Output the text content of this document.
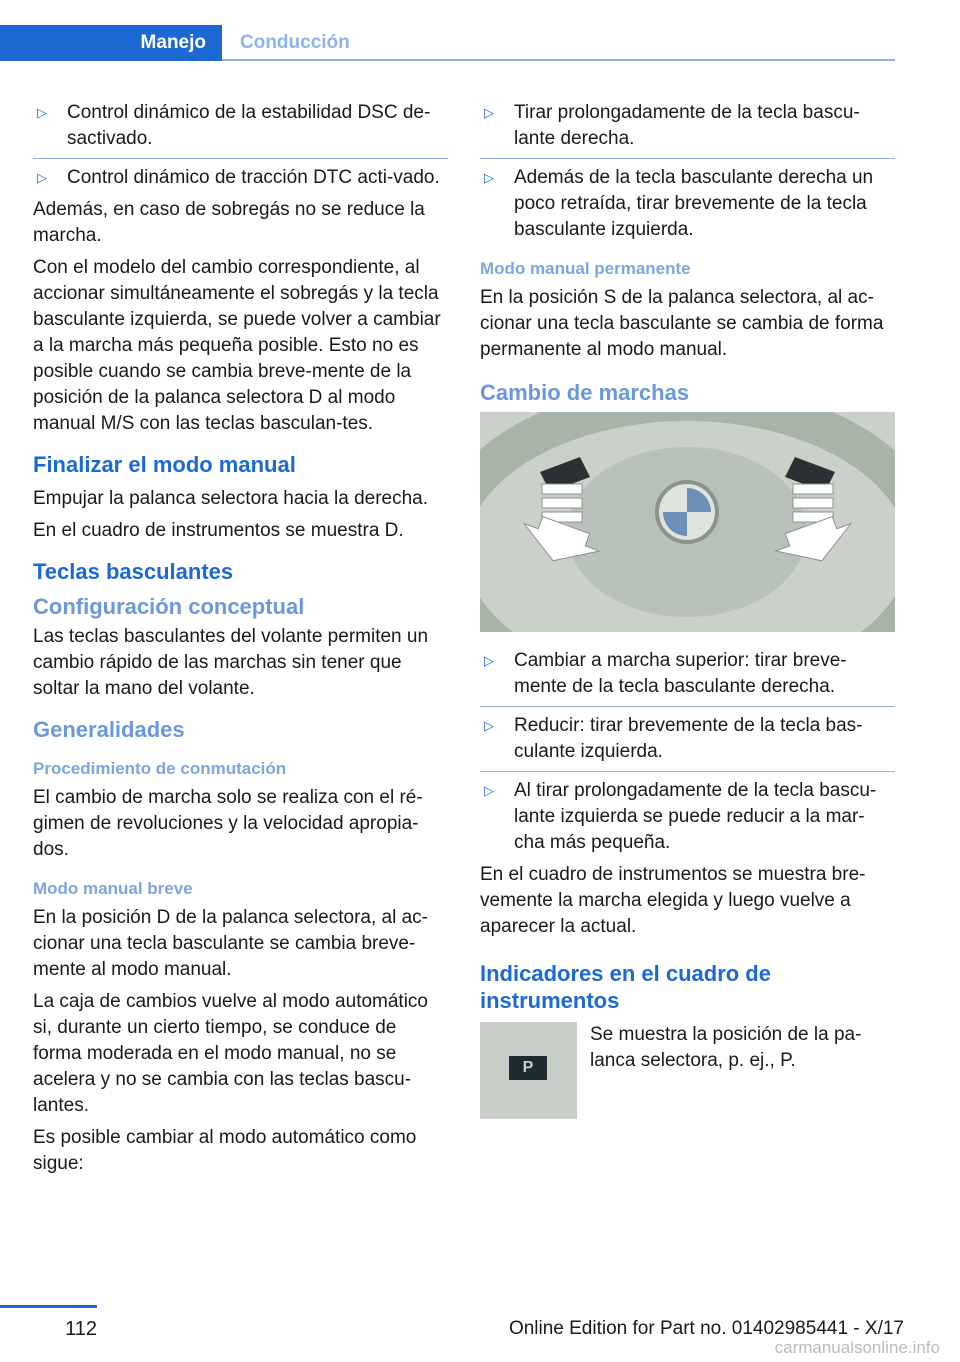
Manejo Conducción
▷	Control dinámico de la estabilidad DSC de-sactivado.
▷	Control dinámico de tracción DTC acti-vado.

Además, en caso de sobregás no se reduce la marcha.

Con el modelo del cambio correspondiente, al accionar simultáneamente el sobregás y la tecla basculante izquierda, se puede volver a cambiar a la marcha más pequeña posible. Esto no es posible cuando se cambia breve-mente de la posición de la palanca selectora D al modo manual M/S con las teclas basculan-tes.

Finalizar el modo manual

Empujar la palanca selectora hacia la derecha.

En el cuadro de instrumentos se muestra D.

Teclas basculantes
Configuración conceptual

Las teclas basculantes del volante permiten un cambio rápido de las marchas sin tener que soltar la mano del volante.

Generalidades
Procedimiento de conmutación

El cambio de marcha solo se realiza con el ré-gimen de revoluciones y la velocidad apropia-dos.

Modo manual breve

En la posición D de la palanca selectora, al ac-cionar una tecla basculante se cambia breve-mente al modo manual.

La caja de cambios vuelve al modo automático si, durante un cierto tiempo, se conduce de forma moderada en el modo manual, no se acelera y no se cambia con las teclas bascu-lantes.

Es posible cambiar al modo automático como sigue:

▷	Tirar prolongadamente de la tecla bascu-lante derecha.
▷	Además de la tecla basculante derecha un poco retraída, tirar brevemente de la tecla basculante izquierda.
Modo manual permanente

En la posición S de la palanca selectora, al ac-cionar una tecla basculante se cambia de forma permanente al modo manual.

Cambio de marchas
▷	Cambiar a marcha superior: tirar breve-mente de la tecla basculante derecha.
▷	Reducir: tirar brevemente de la tecla bas-culante izquierda.
▷	Al tirar prolongadamente de la tecla bascu-lante izquierda se puede reducir a la mar-cha más pequeña.

En el cuadro de instrumentos se muestra bre-vemente la marcha elegida y luego vuelve a aparecer la actual.

Indicadores en el cuadro de instrumentos
P
Se muestra la posición de la pa-lanca selectora, p. ej., P.
112	Online Edition for Part no. 01402985441 - X/17
carmanualsonline.info
